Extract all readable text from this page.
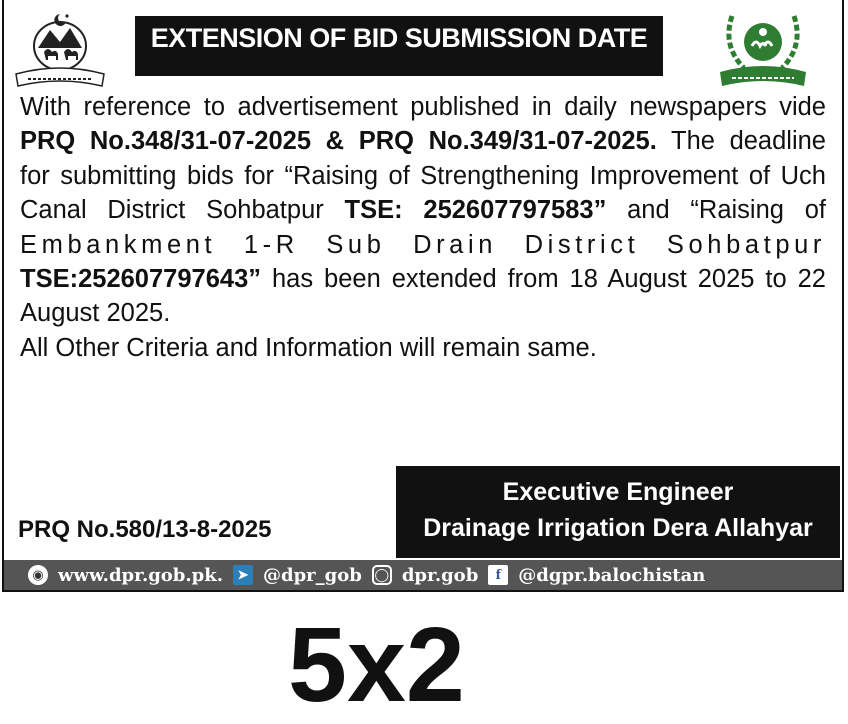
EXTENSION OF BID SUBMISSION DATE
With reference to advertisement published in daily newspapers vide
PRQ No.348/31-07-2025 & PRQ No.349/31-07-2025. The deadline
for submitting bids for “Raising of Strengthening Improvement of Uch
Canal District Sohbatpur TSE: 252607797583” and “Raising of
Embankment 1-R Sub Drain District Sohbatpur
TSE:252607797643” has been extended from 18 August 2025 to 22
August 2025.
All Other Criteria and Information will remain same.
PRQ No.580/13-8-2025
Executive Engineer
Drainage Irrigation Dera Allahyar
◉ www.dpr.gob.pk.	➤ @dpr_gob ◯ dpr.gob	f @dgpr.balochistan
5x2
